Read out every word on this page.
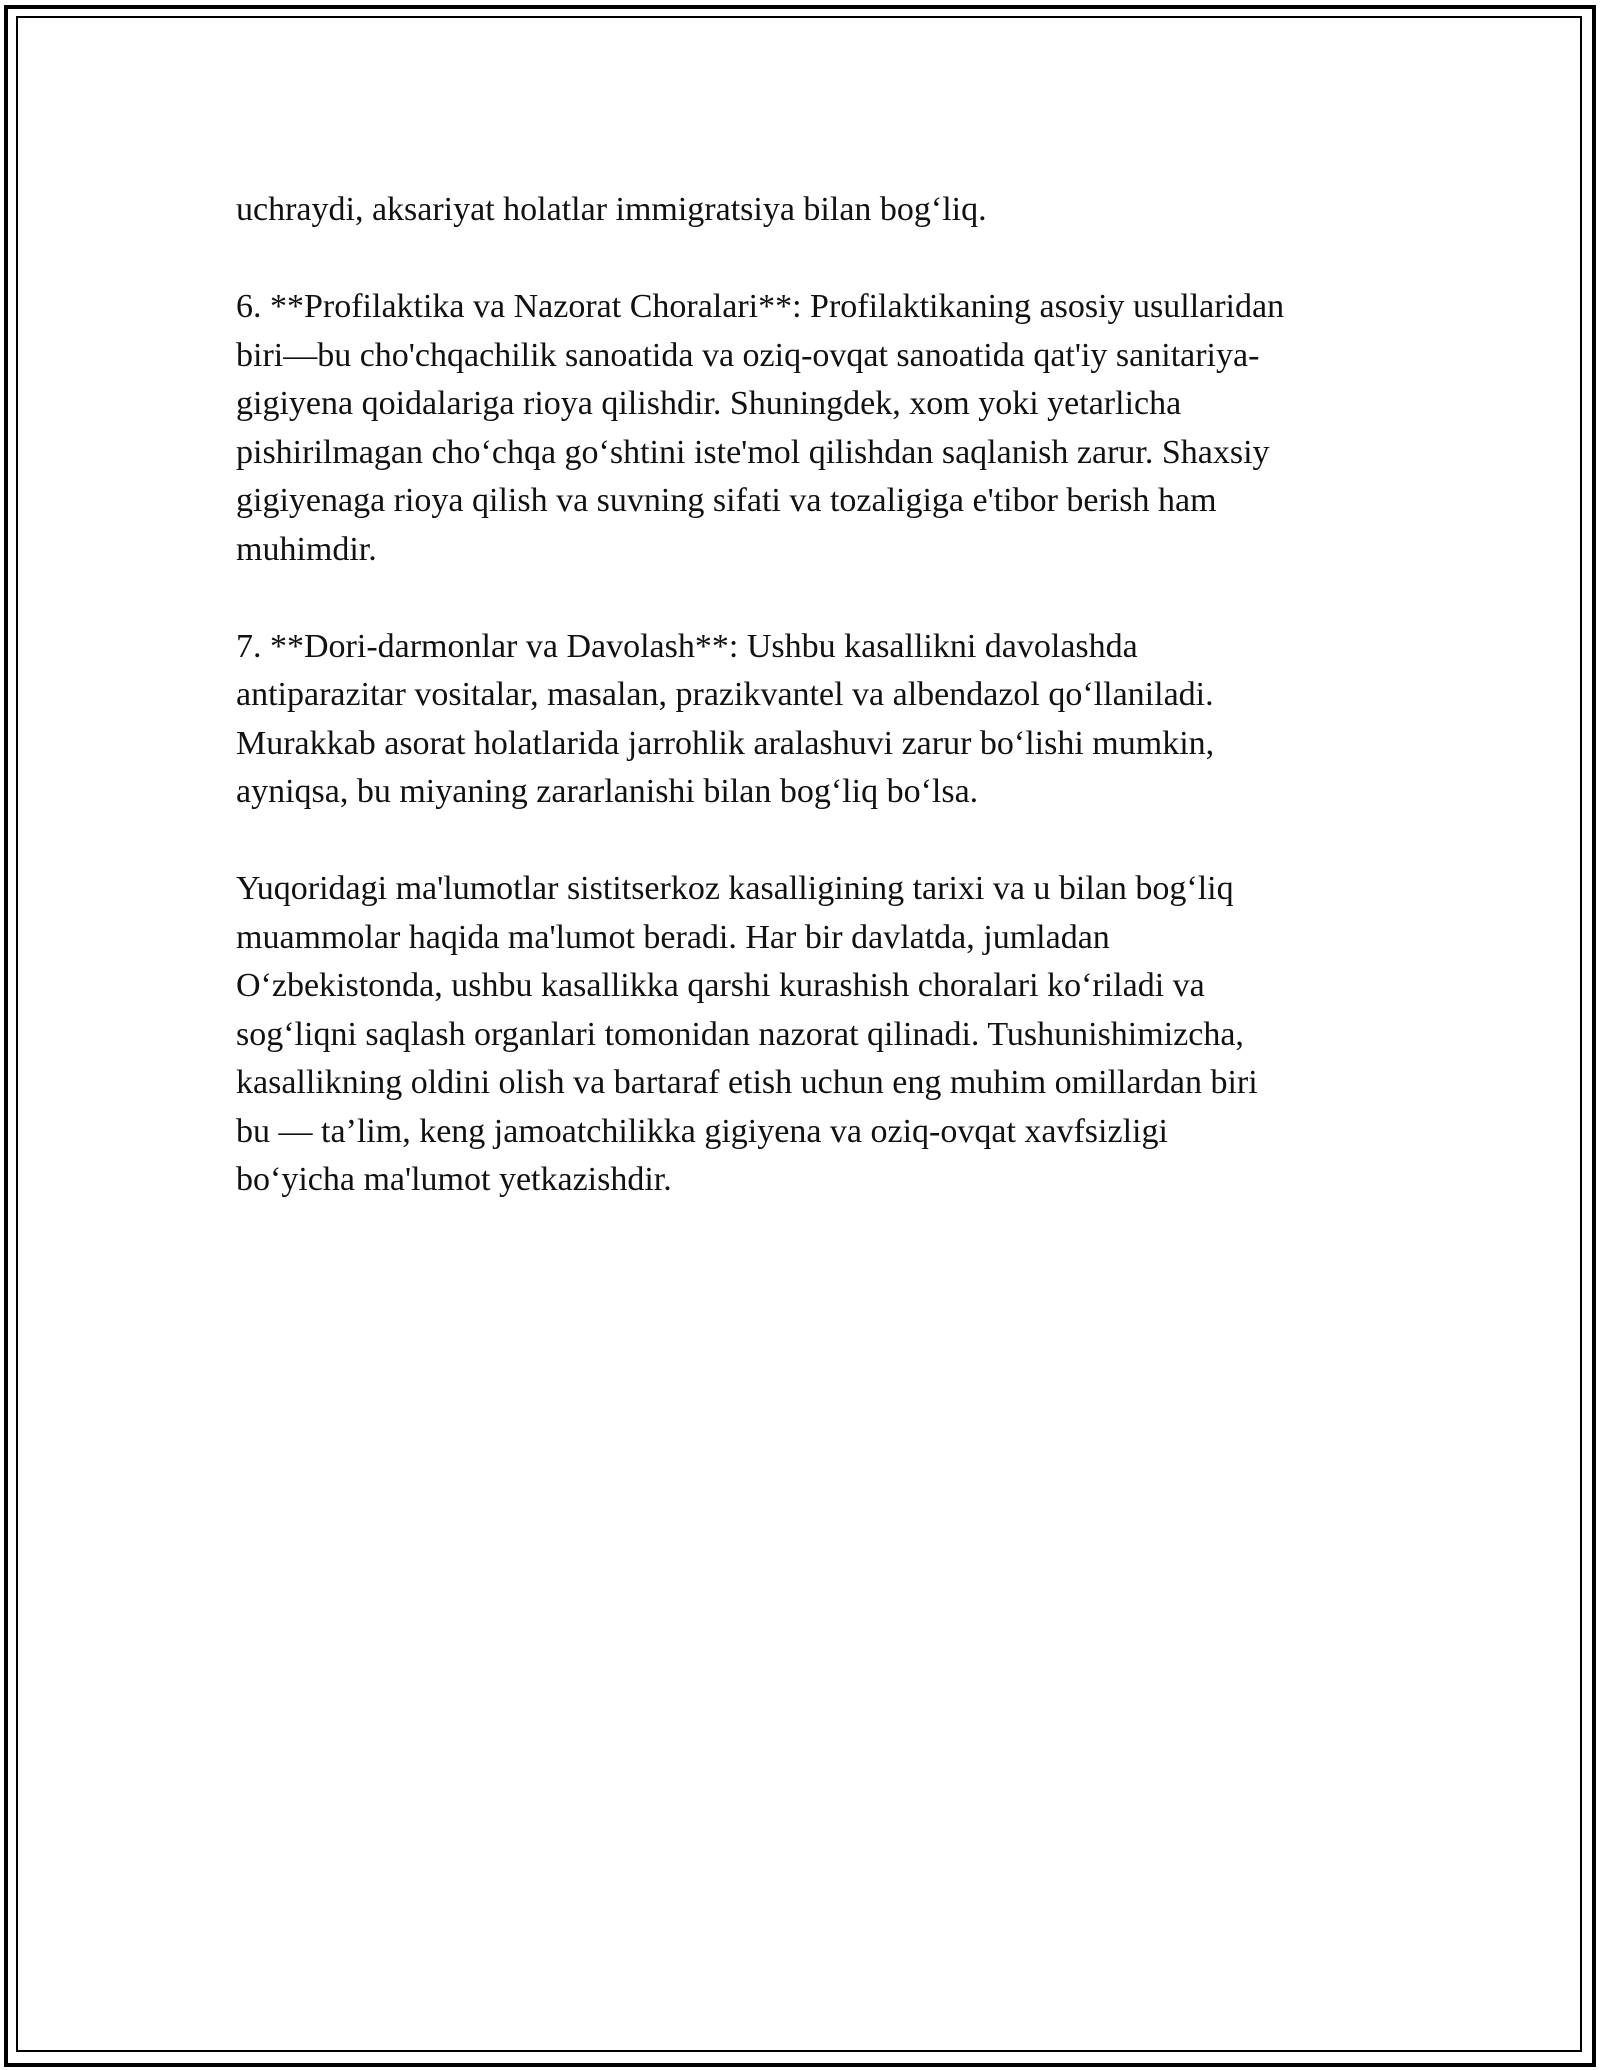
uchraydi, aksariyat holatlar immigratsiya bilan bog‘liq.

6. **Profilaktika va Nazorat Choralari**: Profilaktikaning asosiy usullaridan
biri—bu cho'chqachilik sanoatida va oziq-ovqat sanoatida qat'iy sanitariya-
gigiyena qoidalariga rioya qilishdir. Shuningdek, xom yoki yetarlicha
pishirilmagan cho‘chqa go‘shtini iste'mol qilishdan saqlanish zarur. Shaxsiy
gigiyenaga rioya qilish va suvning sifati va tozaligiga e'tibor berish ham
muhimdir.

7. **Dori-darmonlar va Davolash**: Ushbu kasallikni davolashda
antiparazitar vositalar, masalan, prazikvantel va albendazol qo‘llaniladi.
Murakkab asorat holatlarida jarrohlik aralashuvi zarur bo‘lishi mumkin,
ayniqsa, bu miyaning zararlanishi bilan bog‘liq bo‘lsa.

Yuqoridagi ma'lumotlar sistitserkoz kasalligining tarixi va u bilan bog‘liq
muammolar haqida ma'lumot beradi. Har bir davlatda, jumladan
O‘zbekistonda, ushbu kasallikka qarshi kurashish choralari ko‘riladi va
sog‘liqni saqlash organlari tomonidan nazorat qilinadi. Tushunishimizcha,
kasallikning oldini olish va bartaraf etish uchun eng muhim omillardan biri
bu — ta’lim, keng jamoatchilikka gigiyena va oziq-ovqat xavfsizligi
bo‘yicha ma'lumot yetkazishdir.
